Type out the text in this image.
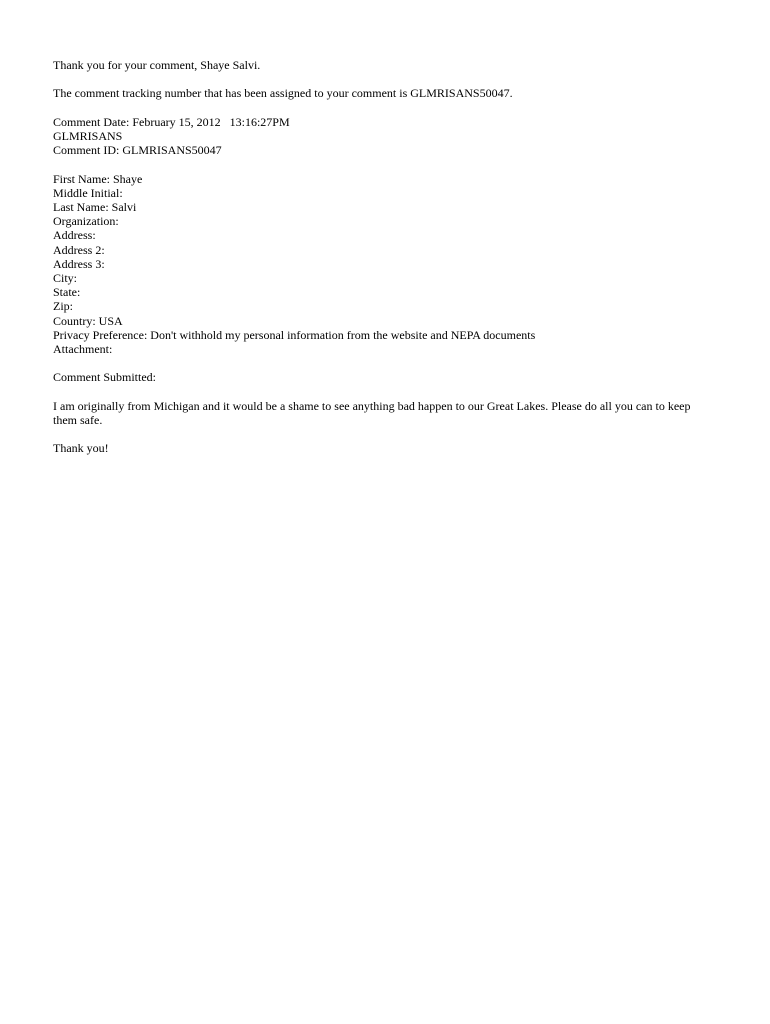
Thank you for your comment, Shaye Salvi.
The comment tracking number that has been assigned to your comment is GLMRISANS50047.
Comment Date: February 15, 2012   13:16:27PM
GLMRISANS
Comment ID: GLMRISANS50047
First Name: Shaye
Middle Initial:
Last Name: Salvi
Organization:
Address:
Address 2:
Address 3:
City:
State:
Zip:
Country: USA
Privacy Preference: Don't withhold my personal information from the website and NEPA documents
Attachment:
Comment Submitted:
I am originally from Michigan and it would be a shame to see anything bad happen to our Great Lakes. Please do all you can to keep them safe.
Thank you!
